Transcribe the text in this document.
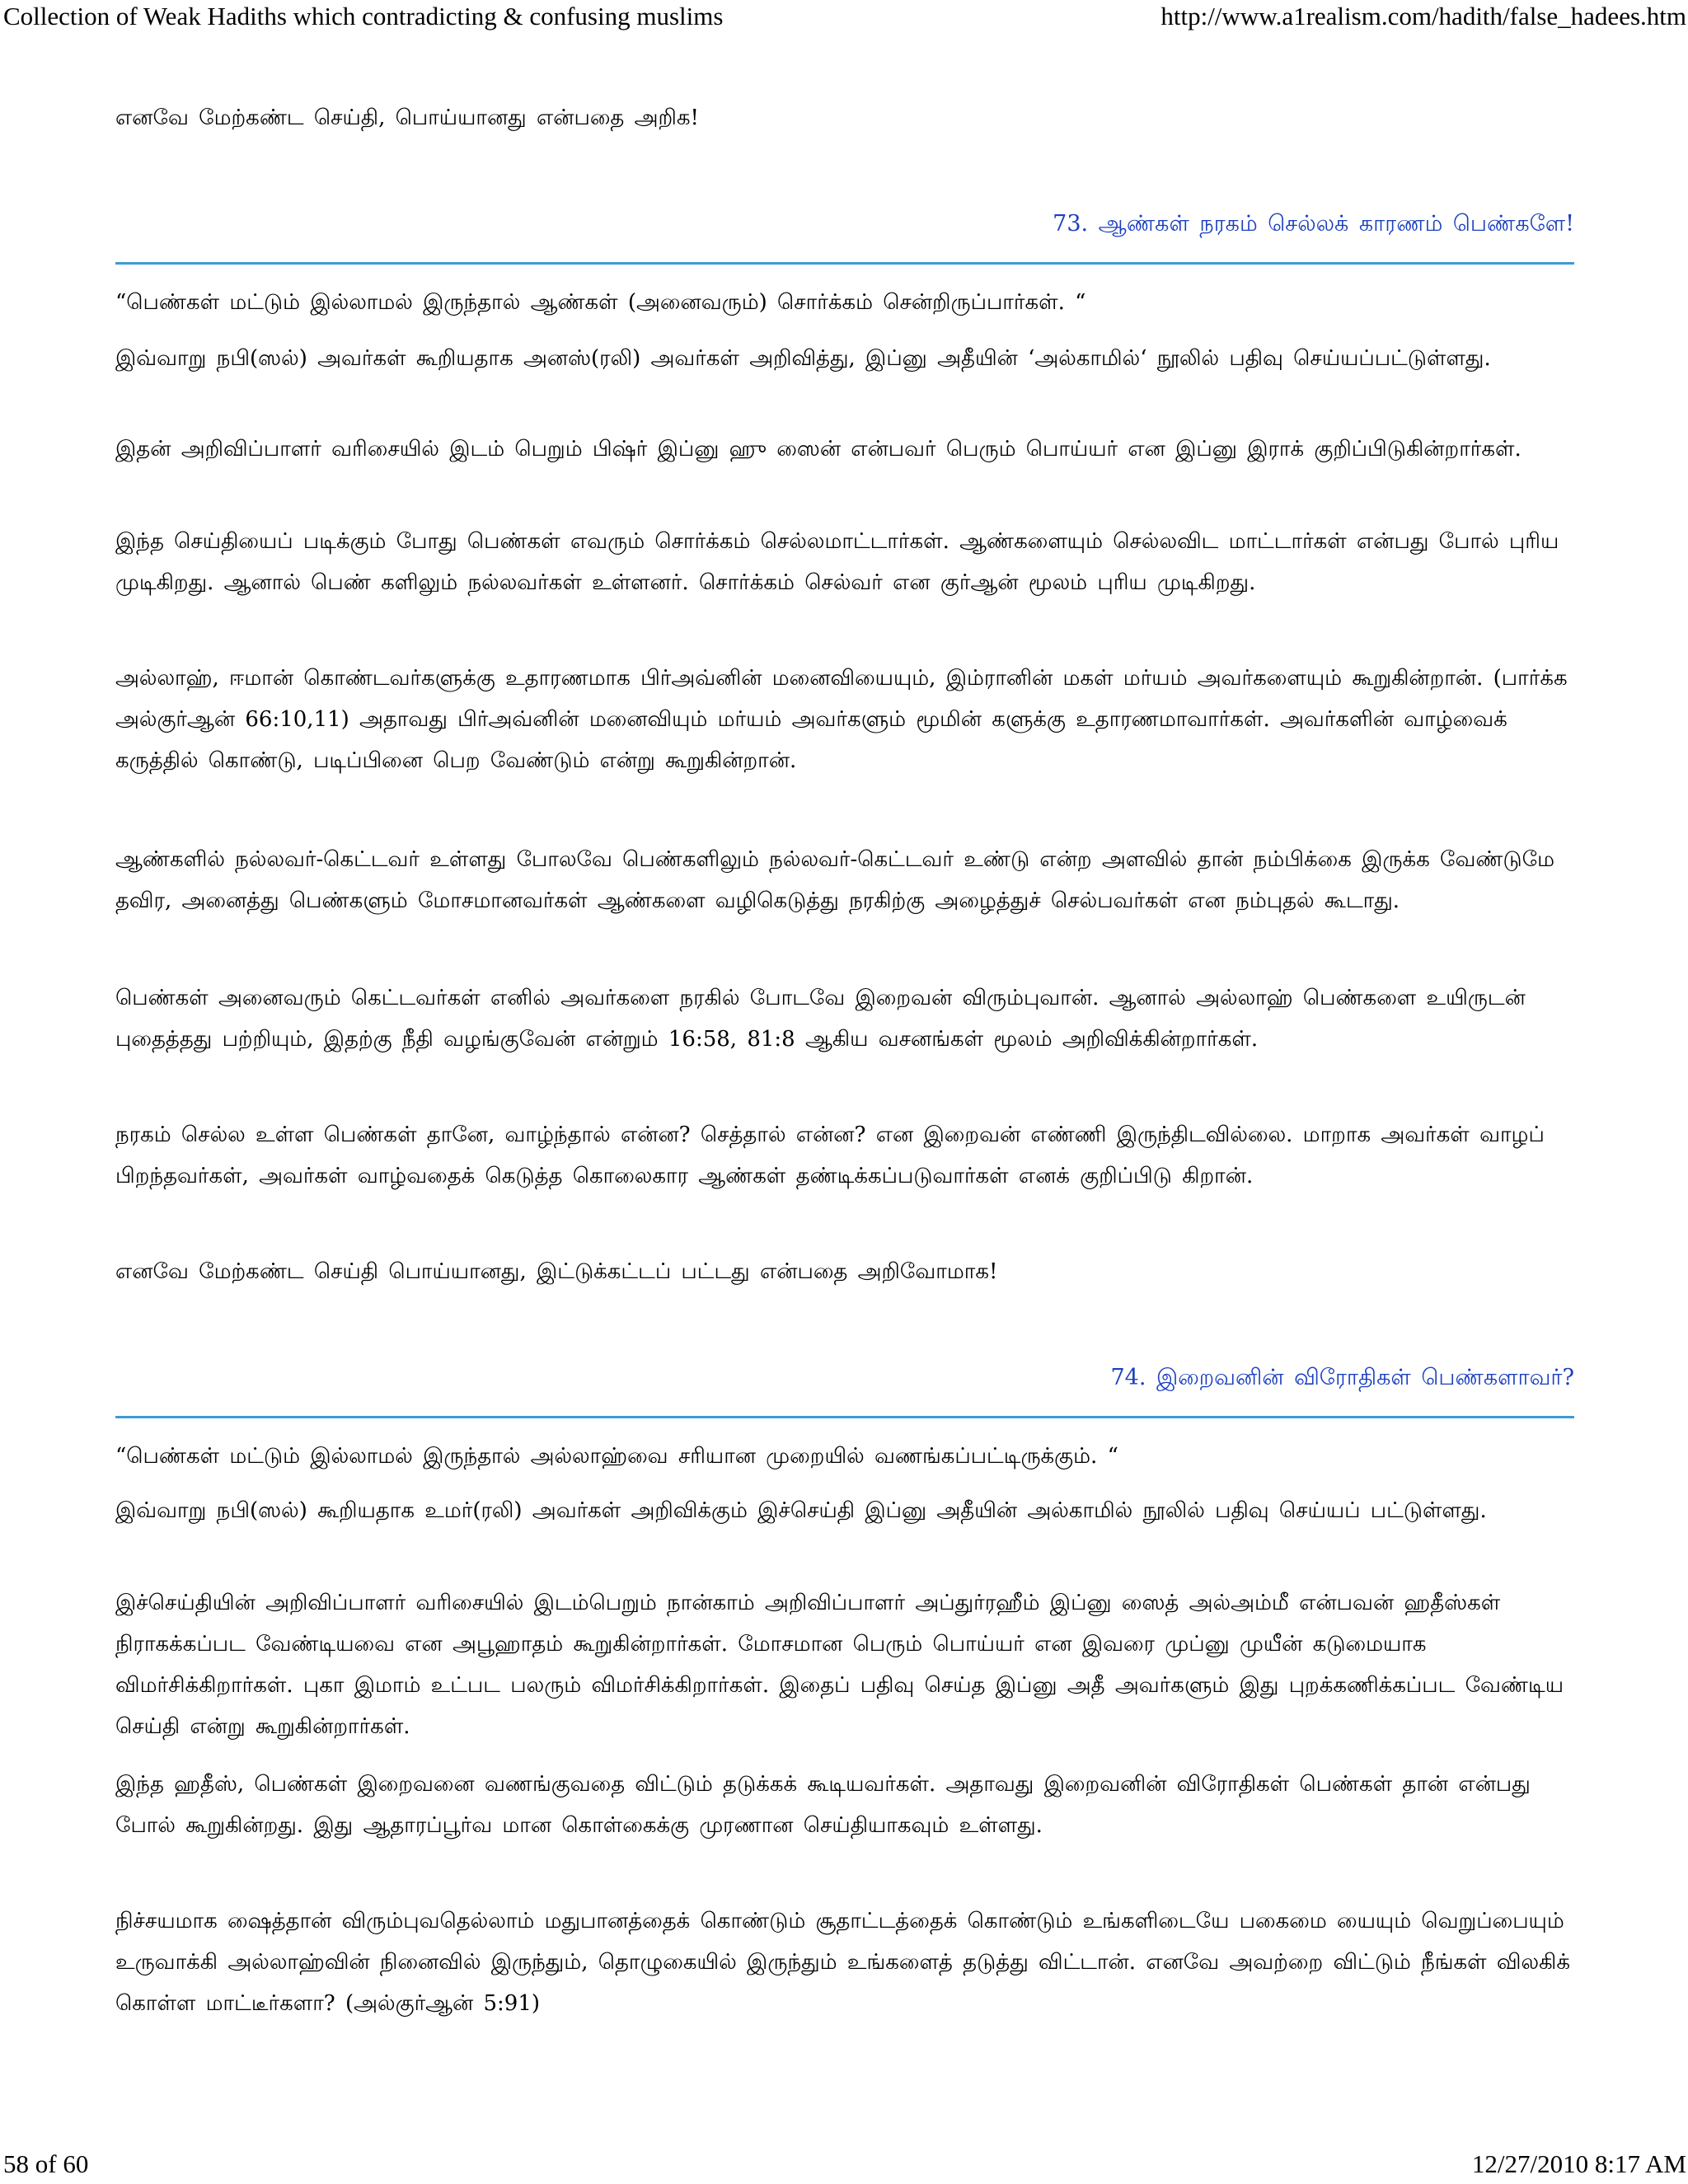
Collection of Weak Hadiths which contradicting & confusing muslims	http://www.a1realism.com/hadith/false_hadees.htm

எனவே மேற்கண்ட செய்தி, பொய்யானது என்பதை அறிக!

73. ஆண்கள் நரகம் செல்லக் காரணம் பெண்களே!

“பெண்கள் மட்டும் இல்லாமல் இருந்தால் ஆண்கள் (அனைவரும்) சொர்க்கம் சென்றிருப்பார்கள். “

இவ்வாறு நபி(ஸல்) அவர்கள் கூறியதாக அனஸ்(ரலி) அவர்கள் அறிவித்து, இப்னு அதீயின் ‘அல்காமில்‘ நூலில் பதிவு செய்யப்பட்டுள்ளது.

இதன் அறிவிப்பாளர் வரிசையில் இடம் பெறும் பிஷ்ர் இப்னு ஹு ஸைன் என்பவர் பெரும் பொய்யர் என இப்னு இராக் குறிப்பிடுகின்றார்கள்.

இந்த செய்தியைப் படிக்கும் போது பெண்கள் எவரும் சொர்க்கம் செல்லமாட்டார்கள். ஆண்களையும் செல்லவிட மாட்டார்கள் என்பது போல் புரிய முடிகிறது. ஆனால் பெண் களிலும் நல்லவர்கள் உள்ளனர். சொர்க்கம் செல்வர் என குர்ஆன் மூலம் புரிய முடிகிறது.

அல்லாஹ், ஈமான் கொண்டவர்களுக்கு உதாரணமாக பிர்அவ்னின் மனைவியையும், இம்ரானின் மகள் மர்யம் அவர்களையும் கூறுகின்றான். (பார்க்க அல்குர்ஆன் 66:10,11) அதாவது பிர்அவ்னின் மனைவியும் மர்யம் அவர்களும் மூமின் களுக்கு உதாரணமாவார்கள். அவர்களின் வாழ்வைக் கருத்தில் கொண்டு, படிப்பினை பெற வேண்டும் என்று கூறுகின்றான்.

ஆண்களில் நல்லவர்-கெட்டவர் உள்ளது போலவே பெண்களிலும் நல்லவர்-கெட்டவர் உண்டு என்ற அளவில் தான் நம்பிக்கை இருக்க வேண்டுமே தவிர, அனைத்து பெண்களும் மோசமானவர்கள் ஆண்களை வழிகெடுத்து நரகிற்கு அழைத்துச் செல்பவர்கள் என நம்புதல் கூடாது.

பெண்கள் அனைவரும் கெட்டவர்கள் எனில் அவர்களை நரகில் போடவே இறைவன் விரும்புவான். ஆனால் அல்லாஹ் பெண்களை உயிருடன் புதைத்தது பற்றியும், இதற்கு நீதி வழங்குவேன் என்றும் 16:58, 81:8 ஆகிய வசனங்கள் மூலம் அறிவிக்கின்றார்கள்.

நரகம் செல்ல உள்ள பெண்கள் தானே, வாழ்ந்தால் என்ன? செத்தால் என்ன? என இறைவன் எண்ணி இருந்திடவில்லை. மாறாக அவர்கள் வாழப் பிறந்தவர்கள், அவர்கள் வாழ்வதைக் கெடுத்த கொலைகார ஆண்கள் தண்டிக்கப்படுவார்கள் எனக் குறிப்பிடு கிறான்.

எனவே மேற்கண்ட செய்தி பொய்யானது, இட்டுக்கட்டப் பட்டது என்பதை அறிவோமாக!

74. இறைவனின் விரோதிகள் பெண்களாவர்?

“பெண்கள் மட்டும் இல்லாமல் இருந்தால் அல்லாஹ்வை சரியான முறையில் வணங்கப்பட்டிருக்கும். “

இவ்வாறு நபி(ஸல்) கூறியதாக உமர்(ரலி) அவர்கள் அறிவிக்கும் இச்செய்தி இப்னு அதீயின் அல்காமில் நூலில் பதிவு செய்யப் பட்டுள்ளது.

இச்செய்தியின் அறிவிப்பாளர் வரிசையில் இடம்பெறும் நான்காம் அறிவிப்பாளர் அப்துர்ரஹீம் இப்னு ஸைத் அல்அம்மீ என்பவன் ஹதீஸ்கள் நிராகக்கப்பட வேண்டியவை என அபூஹாதம் கூறுகின்றார்கள். மோசமான பெரும் பொய்யர் என இவரை முப்னு முயீன் கடுமையாக விமர்சிக்கிறார்கள். புகா இமாம் உட்பட பலரும் விமர்சிக்கிறார்கள். இதைப் பதிவு செய்த இப்னு அதீ அவர்களும் இது புறக்கணிக்கப்பட வேண்டிய செய்தி என்று கூறுகின்றார்கள்.

இந்த ஹதீஸ், பெண்கள் இறைவனை வணங்குவதை விட்டும் தடுக்கக் கூடியவர்கள். அதாவது இறைவனின் விரோதிகள் பெண்கள் தான் என்பது போல் கூறுகின்றது. இது ஆதாரப்பூர்வ மான கொள்கைக்கு முரணான செய்தியாகவும் உள்ளது.

நிச்சயமாக ஷைத்தான் விரும்புவதெல்லாம் மதுபானத்தைக் கொண்டும் சூதாட்டத்தைக் கொண்டும் உங்களிடையே பகைமை யையும் வெறுப்பையும் உருவாக்கி அல்லாஹ்வின் நினைவில் இருந்தும், தொழுகையில் இருந்தும் உங்களைத் தடுத்து விட்டான். எனவே அவற்றை விட்டும் நீங்கள் விலகிக் கொள்ள மாட்டீர்களா? (அல்குர்ஆன் 5:91)

58 of 60	12/27/2010 8:17 AM
